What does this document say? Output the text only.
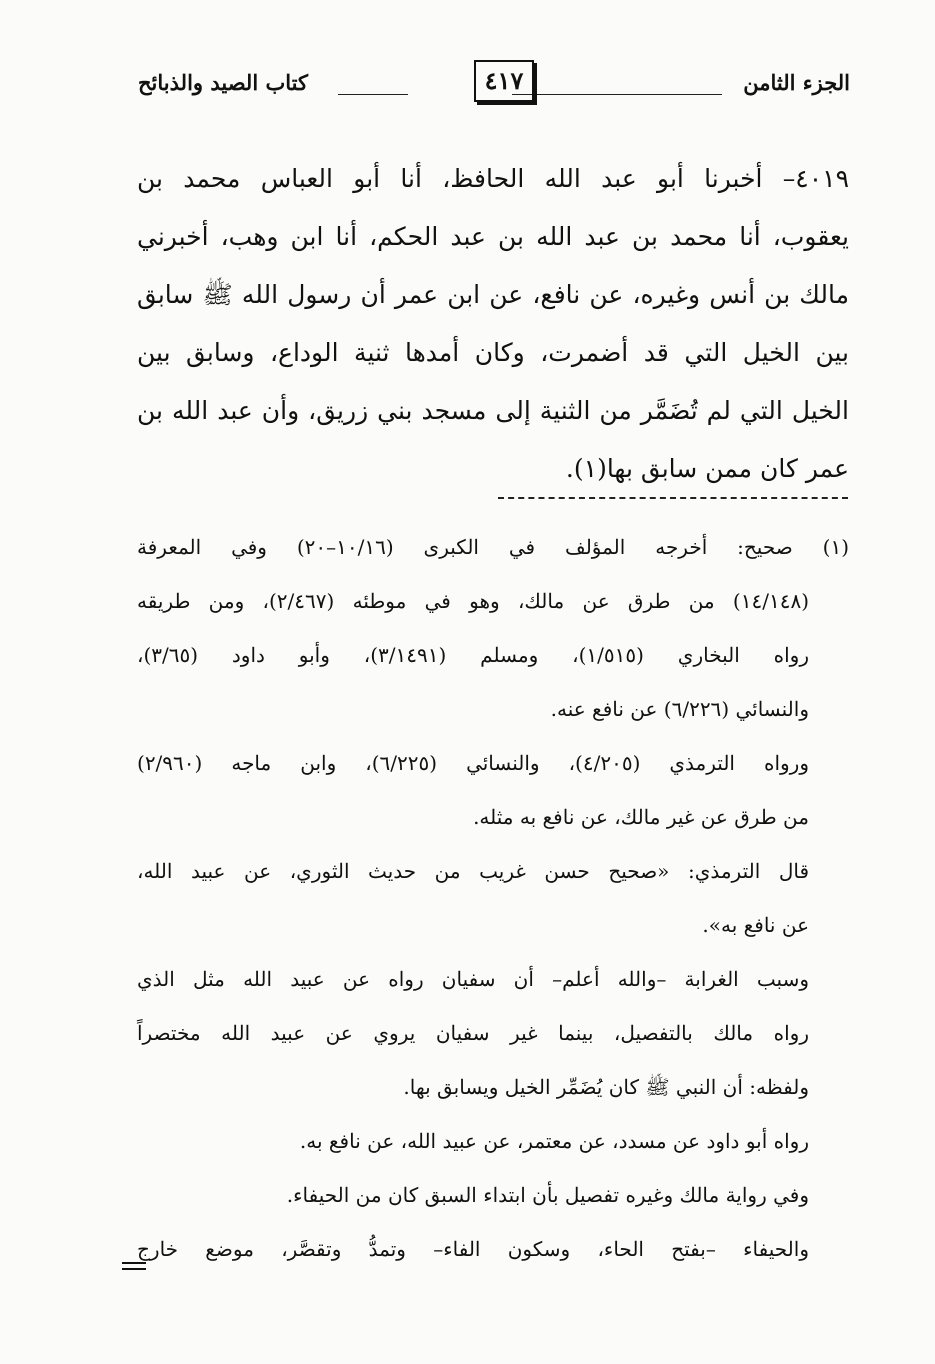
الجزء الثامن
٤١٧
كتاب الصيد والذبائح

٤٠١٩– أخبرنا أبو عبد الله الحافظ، أنا أبو العباس محمد بن

يعقوب، أنا محمد بن عبد الله بن عبد الحكم، أنا ابن وهب، أخبرني

مالك بن أنس وغيره، عن نافع، عن ابن عمر أن رسول الله ﷺ سابق

بين الخيل التي قد أضمرت، وكان أمدها ثنية الوداع، وسابق بين

الخيل التي لم تُضَمَّر من الثنية إلى مسجد بني زريق، وأن عبد الله بن

عمر كان ممن سابق بها(١).

(١) صحيح: أخرجه المؤلف في الكبرى (١٠/١٦–٢٠) وفي المعرفة

(١٤/١٤٨) من طرق عن مالك، وهو في موطئه (٢/٤٦٧)، ومن طريقه

رواه البخاري (١/٥١٥)، ومسلم (٣/١٤٩١)، وأبو داود (٣/٦٥)،

والنسائي (٦/٢٢٦) عن نافع عنه.

ورواه الترمذي (٤/٢٠٥)، والنسائي (٦/٢٢٥)، وابن ماجه (٢/٩٦٠)

من طرق عن غير مالك، عن نافع به مثله.

قال الترمذي: «صحيح حسن غريب من حديث الثوري، عن عبيد الله،

عن نافع به».

وسبب الغرابة –والله أعلم– أن سفيان رواه عن عبيد الله مثل الذي

رواه مالك بالتفصيل، بينما غير سفيان يروي عن عبيد الله مختصراً

ولفظه: أن النبي ﷺ كان يُضَمِّر الخيل ويسابق بها.

رواه أبو داود عن مسدد، عن معتمر، عن عبيد الله، عن نافع به.

وفي رواية مالك وغيره تفصيل بأن ابتداء السبق كان من الحيفاء.

والحيفاء –بفتح الحاء، وسكون الفاء– وتمدُّ وتقصَّر، موضع خارج
